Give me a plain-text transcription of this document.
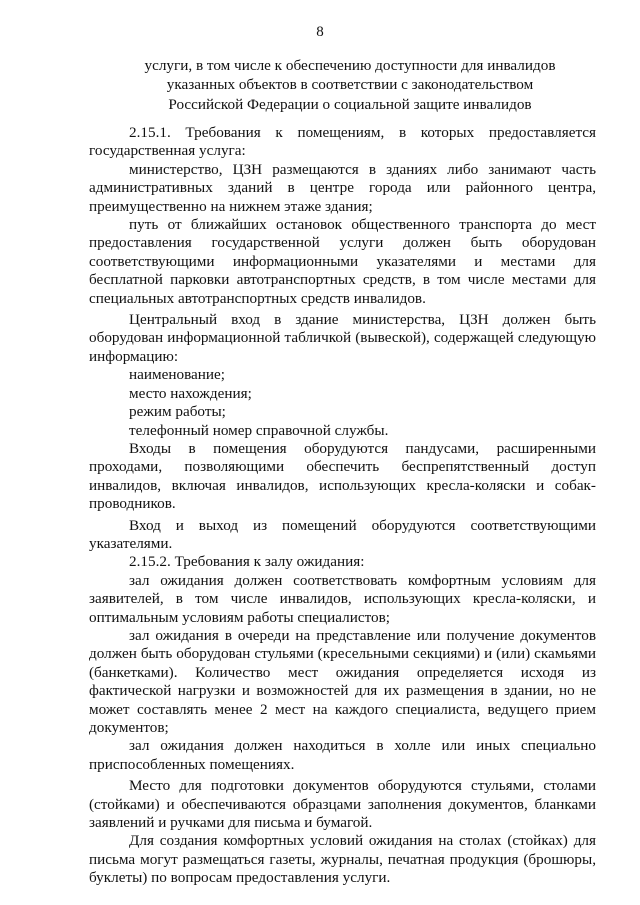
8
услуги, в том числе к обеспечению доступности для инвалидов
указанных объектов в соответствии с законодательством
Российской Федерации о социальной защите инвалидов

2.15.1. Требования к помещениям, в которых предоставляется государственная услуга:

министерство, ЦЗН размещаются в зданиях либо занимают часть административных зданий в центре города или районного центра, преимущественно на нижнем этаже здания;

путь от ближайших остановок общественного транспорта до мест предоставления государственной услуги должен быть оборудован соответствующими информационными указателями и местами для бесплатной парковки автотранспортных средств, в том числе местами для специальных автотранспортных средств инвалидов.

Центральный вход в здание министерства, ЦЗН должен быть оборудован информационной табличкой (вывеской), содержащей следующую информацию:

наименование;

место нахождения;

режим работы;

телефонный номер справочной службы.

Входы в помещения оборудуются пандусами, расширенными проходами, позволяющими обеспечить беспрепятственный доступ инвалидов, включая инвалидов, использующих кресла-коляски и собак-проводников.

Вход и выход из помещений оборудуются соответствующими указателями.

2.15.2. Требования к залу ожидания:

зал ожидания должен соответствовать комфортным условиям для заявителей, в том числе инвалидов, использующих кресла-коляски, и оптимальным условиям работы специалистов;

зал ожидания в очереди на представление или получение документов должен быть оборудован стульями (кресельными секциями) и (или) скамьями (банкетками). Количество мест ожидания определяется исходя из фактической нагрузки и возможностей для их размещения в здании, но не может составлять менее 2 мест на каждого специалиста, ведущего прием документов;

зал ожидания должен находиться в холле или иных специально приспособленных помещениях.

Место для подготовки документов оборудуются стульями, столами (стойками) и обеспечиваются образцами заполнения документов, бланками заявлений и ручками для письма и бумагой.

Для создания комфортных условий ожидания на столах (стойках) для письма могут размещаться газеты, журналы, печатная продукция (брошюры, буклеты) по вопросам предоставления услуги.
